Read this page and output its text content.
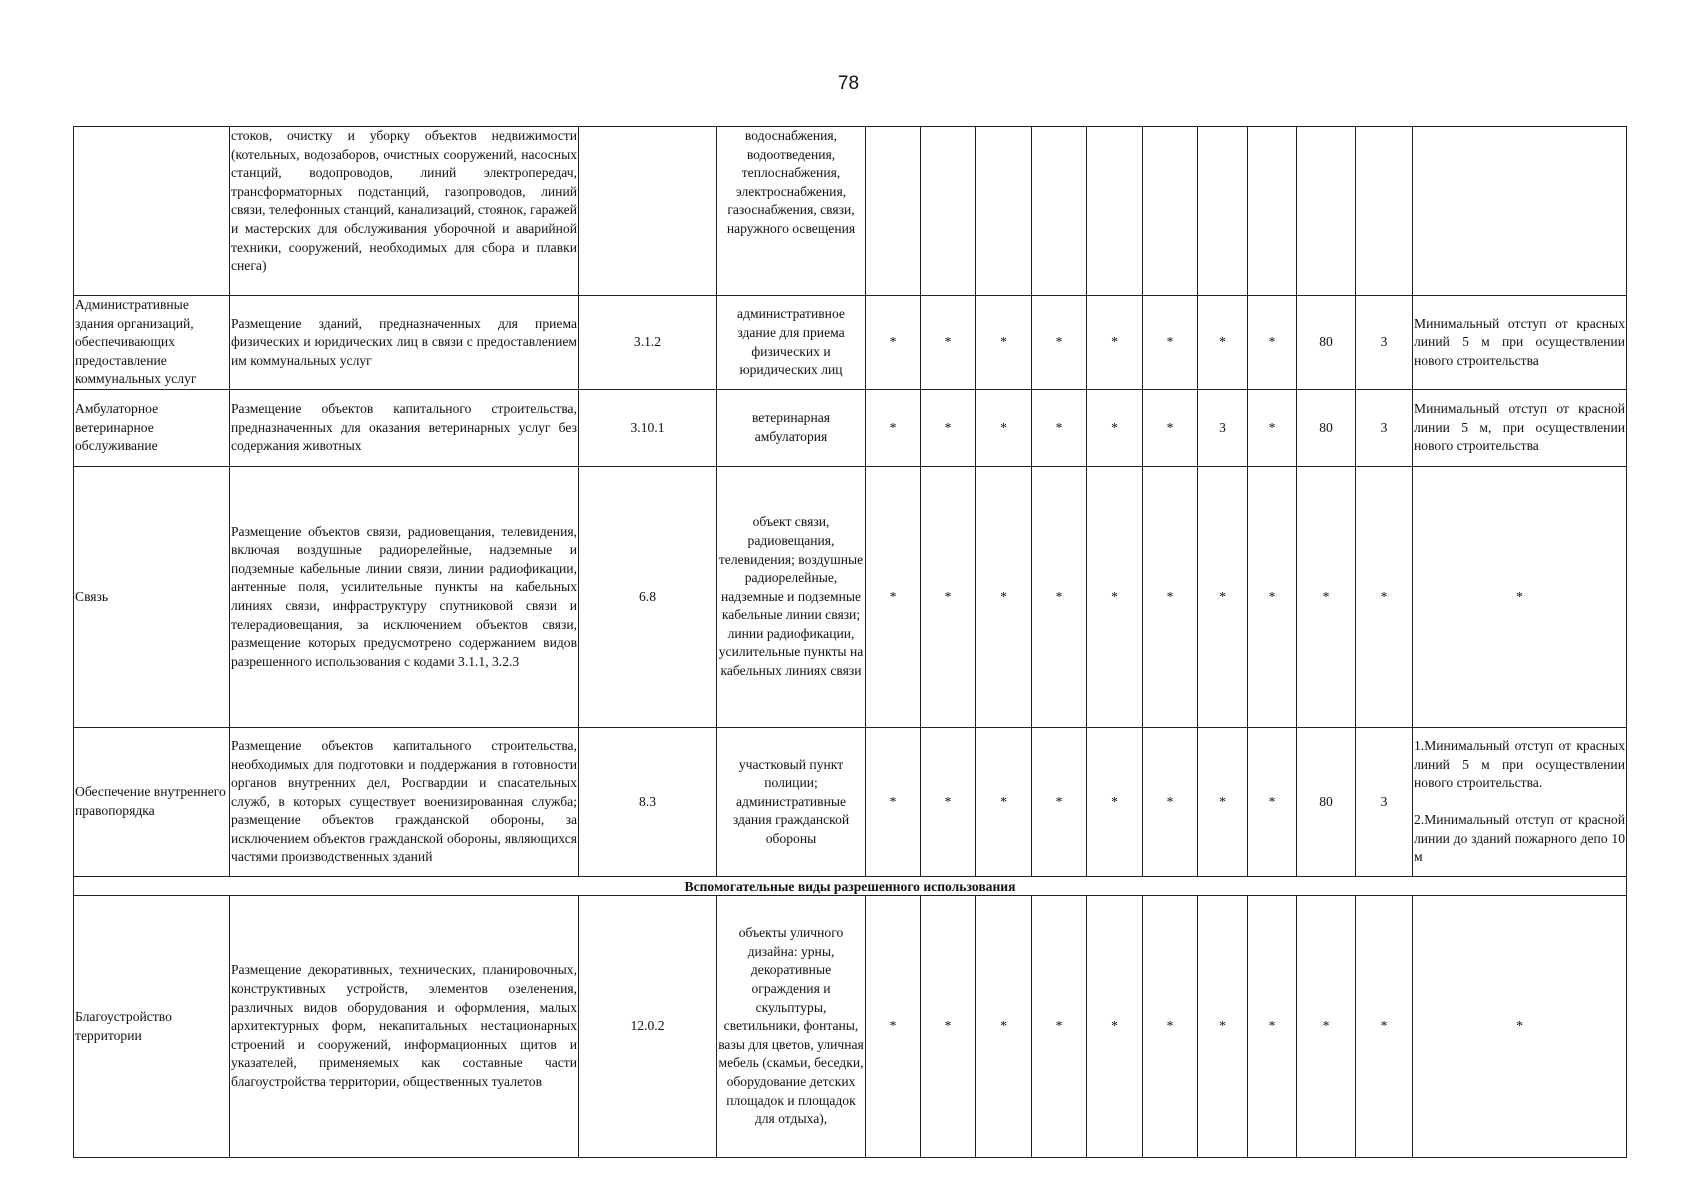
78
	стоков, очистку и уборку объектов недвижимости (котельных, водозаборов, очистных сооружений, насосных станций, водопроводов, линий электропередач, трансформаторных подстанций, газопроводов, линий связи, телефонных станций, канализаций, стоянок, гаражей и мастерских для обслуживания уборочной и аварийной техники, сооружений, необходимых для сбора и плавки снега)		водоснабжения, водоотведения, теплоснабжения, электроснабжения, газоснабжения, связи, наружного освещения											
Административные здания организаций, обеспечивающих предоставление коммунальных услуг	Размещение зданий, предназначенных для приема физических и юридических лиц в связи с предоставлением им коммунальных услуг	3.1.2	административное здание для приема физических и юридических лиц	*	*	*	*	*	*	*	*	80	3	Минимальный отступ от красных линий 5 м при осуществлении нового строительства
Амбулаторное ветеринарное обслуживание	Размещение объектов капитального строительства, предназначенных для оказания ветеринарных услуг без содержания животных	3.10.1	ветеринарная амбулатория	*	*	*	*	*	*	3	*	80	3	Минимальный отступ от красной линии 5 м, при осуществлении нового строительства
Связь	Размещение объектов связи, радиовещания, телевидения, включая воздушные радиорелейные, надземные и подземные кабельные линии связи, линии радиофикации, антенные поля, усилительные пункты на кабельных линиях связи, инфраструктуру спутниковой связи и телерадиовещания, за исключением объектов связи, размещение которых предусмотрено содержанием видов разрешенного использования с кодами 3.1.1, 3.2.3	6.8	объект связи, радиовещания, телевидения; воздушные радиорелейные, надземные и подземные кабельные линии связи; линии радиофикации, усилительные пункты на кабельных линиях связи	*	*	*	*	*	*	*	*	*	*	*
Обеспечение внутреннего правопорядка	Размещение объектов капитального строительства, необходимых для подготовки и поддержания в готовности органов внутренних дел, Росгвардии и спасательных служб, в которых существует военизированная служба; размещение объектов гражданской обороны, за исключением объектов гражданской обороны, являющихся частями производственных зданий	8.3	участковый пункт полиции; административные здания гражданской обороны	*	*	*	*	*	*	*	*	80	3	1.Минимальный отступ от красных линий 5 м при осуществлении нового строительства.
2.Минимальный отступ от красной линии до зданий пожарного депо 10 м

Вспомогательные виды разрешенного использования														
Благоустройство территории	Размещение декоративных, технических, планировочных, конструктивных устройств, элементов озеленения, различных видов оборудования и оформления, малых архитектурных форм, некапитальных нестационарных строений и сооружений, информационных щитов и указателей, применяемых как составные части благоустройства территории, общественных туалетов	12.0.2	объекты уличного дизайна: урны, декоративные ограждения и скульптуры, светильники, фонтаны, вазы для цветов, уличная мебель (скамьи, беседки, оборудование детских площадок и площадок для отдыха),	*	*	*	*	*	*	*	*	*	*	*
